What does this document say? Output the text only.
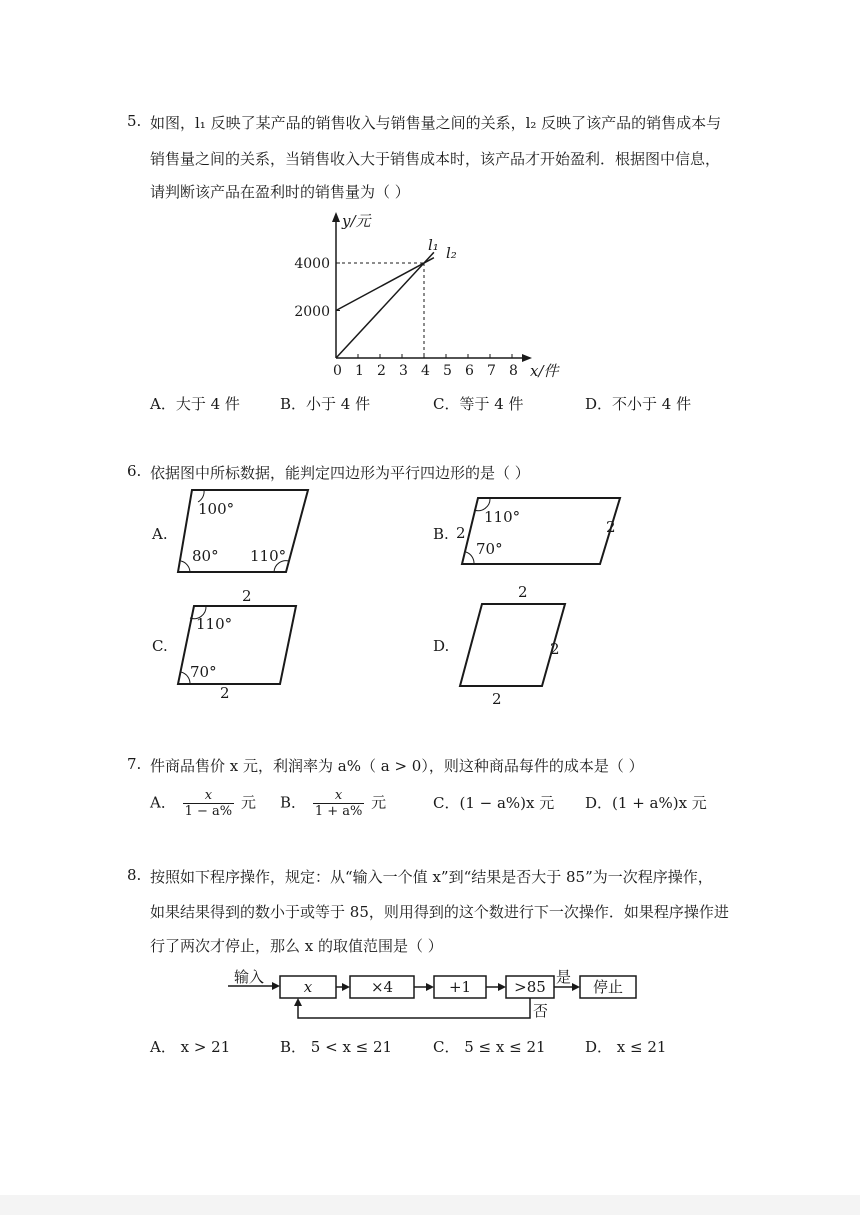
5. 如图，l₁ 反映了某产品的销售收入与销售量之间的关系，l₂ 反映了该产品的销售成本与
销售量之间的关系，当销售收入大于销售成本时，该产品才开始盈利．根据图中信息，
请判断该产品在盈利时的销售量为（ ）
y/元
x/件
0 1 2 3 4 5 6 7 8
2000
4000
l₁ l₂
A．大于 4 件	B．小于 4 件	C．等于 4 件	D．不小于 4 件
6. 依据图中所标数据，能判定四边形为平行四边形的是（ ）
A.
100°
80° 110°
B. 2	2
110°
70°
C.
2
2
110°
70°
D.
2
2
2
7. 件商品售价 x 元，利润率为 a%（ a > 0），则这种商品每件的成本是（ ）
A． $\frac{x}{1 - a\%}$ 元 B． $\frac{x}{1 + a\%}$ 元	C．(1 − a%)x 元 D．(1 + a%)x 元
8. 按照如下程序操作，规定：从“输入一个值 x”到“结果是否大于 85”为一次程序操作，
如果结果得到的数小于或等于 85，则用得到的这个数进行下一次操作．如果程序操作进
行了两次才停止，那么 x 的取值范围是（ ）
输入
x	×4	+1	>85
是
停止
否
A． x > 21	B． 5 < x ≤ 21	C． 5 ≤ x ≤ 21	D． x ≤ 21
